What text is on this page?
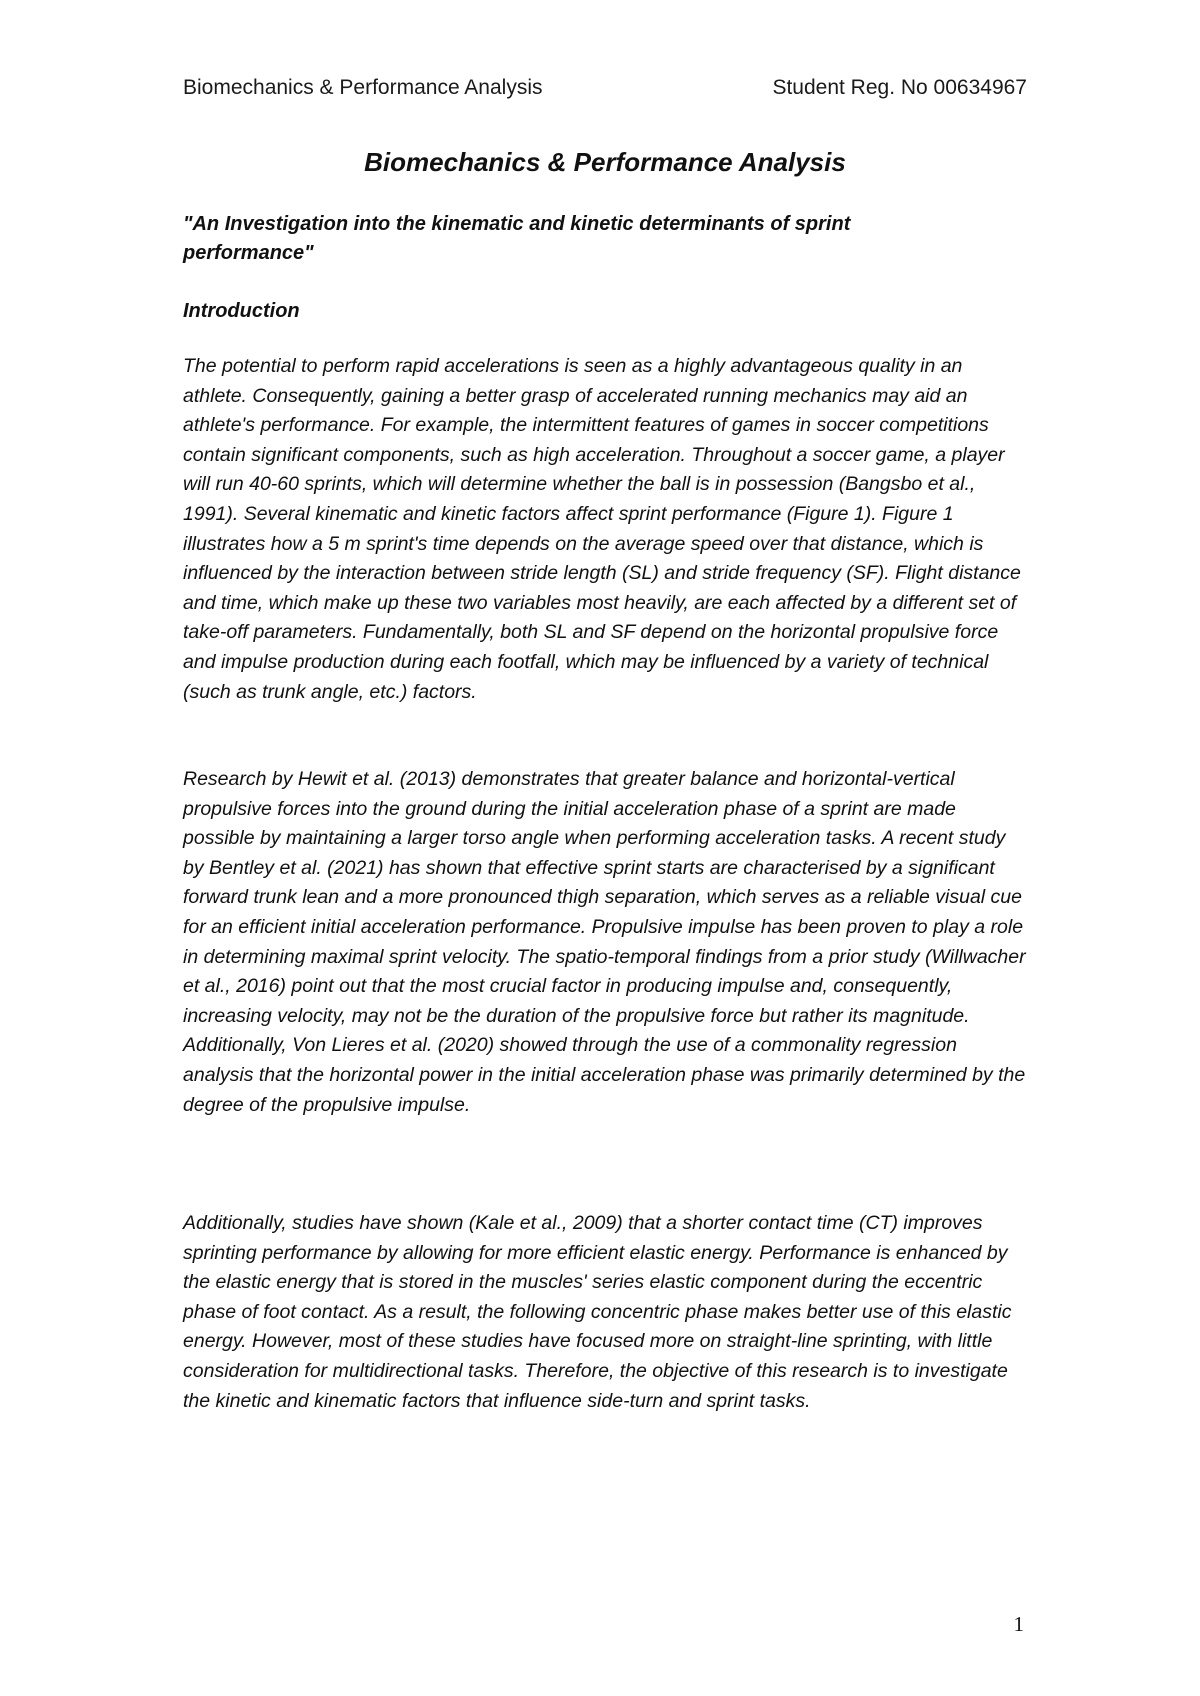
Biomechanics & Performance Analysis	Student Reg. No 00634967
Biomechanics & Performance Analysis
"An Investigation into the kinematic and kinetic determinants of sprint performance"
Introduction

The potential to perform rapid accelerations is seen as a highly advantageous quality in an athlete. Consequently, gaining a better grasp of accelerated running mechanics may aid an athlete's performance. For example, the intermittent features of games in soccer competitions contain significant components, such as high acceleration. Throughout a soccer game, a player will run 40-60 sprints, which will determine whether the ball is in possession (Bangsbo et al., 1991). Several kinematic and kinetic factors affect sprint performance (Figure 1). Figure 1 illustrates how a 5 m sprint's time depends on the average speed over that distance, which is influenced by the interaction between stride length (SL) and stride frequency (SF). Flight distance and time, which make up these two variables most heavily, are each affected by a different set of take-off parameters. Fundamentally, both SL and SF depend on the horizontal propulsive force and impulse production during each footfall, which may be influenced by a variety of technical (such as trunk angle, etc.) factors.

Research by Hewit et al. (2013) demonstrates that greater balance and horizontal-vertical propulsive forces into the ground during the initial acceleration phase of a sprint are made possible by maintaining a larger torso angle when performing acceleration tasks. A recent study by Bentley et al. (2021) has shown that effective sprint starts are characterised by a significant forward trunk lean and a more pronounced thigh separation, which serves as a reliable visual cue for an efficient initial acceleration performance. Propulsive impulse has been proven to play a role in determining maximal sprint velocity. The spatio-temporal findings from a prior study (Willwacher et al., 2016) point out that the most crucial factor in producing impulse and, consequently, increasing velocity, may not be the duration of the propulsive force but rather its magnitude. Additionally, Von Lieres et al. (2020) showed through the use of a commonality regression analysis that the horizontal power in the initial acceleration phase was primarily determined by the degree of the propulsive impulse.

Additionally, studies have shown (Kale et al., 2009) that a shorter contact time (CT) improves sprinting performance by allowing for more efficient elastic energy. Performance is enhanced by the elastic energy that is stored in the muscles' series elastic component during the eccentric phase of foot contact. As a result, the following concentric phase makes better use of this elastic energy. However, most of these studies have focused more on straight-line sprinting, with little consideration for multidirectional tasks. Therefore, the objective of this research is to investigate the kinetic and kinematic factors that influence side-turn and sprint tasks.

1
